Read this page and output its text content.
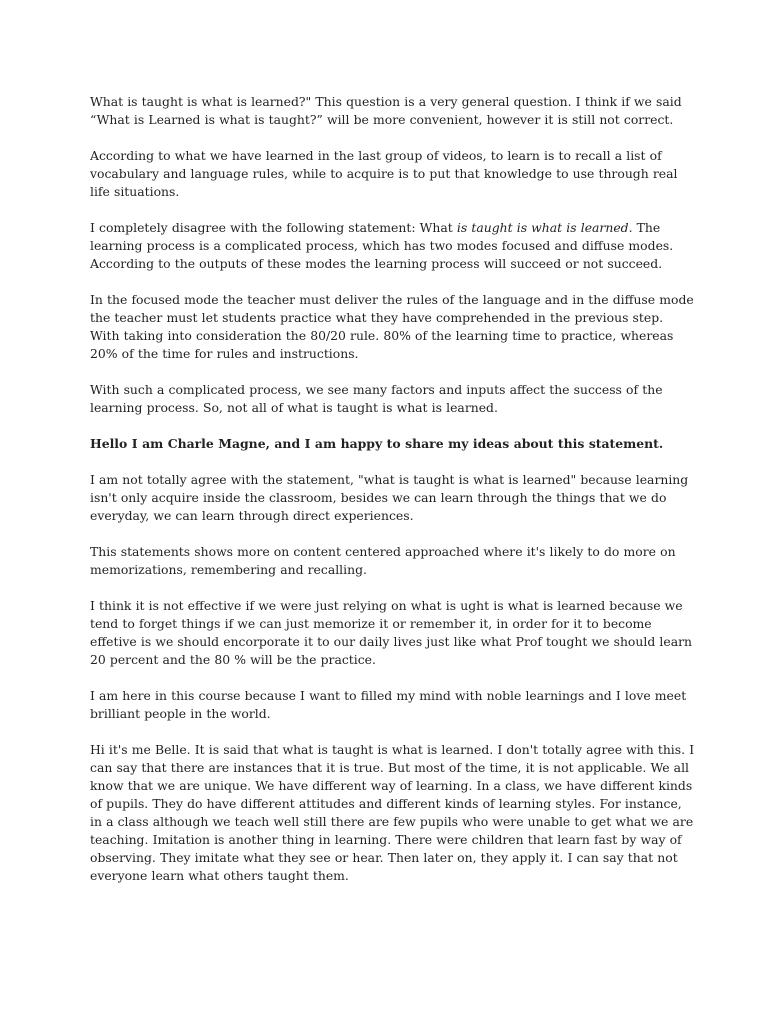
What is taught is what is learned?" This question is a very general question. I think if we said “What is Learned is what is taught?” will be more convenient, however it is still not correct.

According to what we have learned in the last group of videos, to learn is to recall a list of vocabulary and language rules, while to acquire is to put that knowledge to use through real life situations.

I completely disagree with the following statement: What is taught is what is learned. The learning process is a complicated process, which has two modes focused and diffuse modes. According to the outputs of these modes the learning process will succeed or not succeed.

In the focused mode the teacher must deliver the rules of the language and in the diffuse mode the teacher must let students practice what they have comprehended in the previous step. With taking into consideration the 80/20 rule. 80% of the learning time to practice, whereas 20% of the time for rules and instructions.

With such a complicated process, we see many factors and inputs affect the success of the learning process. So, not all of what is taught is what is learned.

Hello I am Charle Magne, and I am happy to share my ideas about this statement.

I am not totally agree with the statement, "what is taught is what is learned" because learning isn't only acquire inside the classroom, besides we can learn through the things that we do everyday, we can learn through direct experiences.

This statements shows more on content centered approached where it's likely to do more on memorizations, remembering and recalling.

I think it is not effective if we were just relying on what is ught is what is learned because we tend to forget things if we can just memorize it or remember it, in order for it to become effetive is we should encorporate it to our daily lives just like what Prof tought we should learn 20 percent and the 80 % will be the practice.

I am here in this course because I want to filled my mind with noble learnings and I love meet brilliant people in the world.

Hi it's me Belle. It is said that what is taught is what is learned. I don't totally agree with this. I can say that there are instances that it is true. But most of the time, it is not applicable. We all know that we are unique. We have different way of learning. In a class, we have different kinds of pupils. They do have different attitudes and different kinds of learning styles. For instance, in a class although we teach well still there are few pupils who were unable to get what we are teaching. Imitation is another thing in learning. There were children that learn fast by way of observing. They imitate what they see or hear. Then later on, they apply it. I can say that not everyone learn what others taught them.
